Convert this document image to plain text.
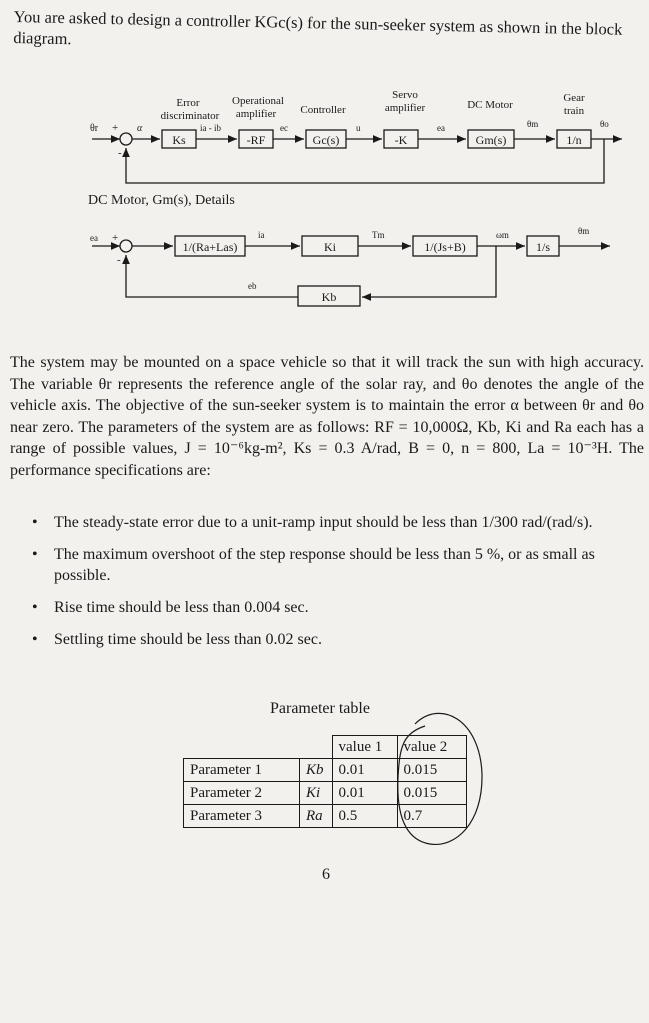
You are asked to design a controller KGc(s) for the sun-seeker system as shown in the block diagram.
Error
discriminator
Operational
amplifier Controller
Servo
amplifier	DC Motor
Gear
train
θr +
-
α
Ks
ia - ib
-RF
ec
Gc(s)
u
-K
ea
Gm(s)
θm
1/n
θo
ea +
-
1/(Ra+Las)
ia
Ki
Tm
1/(Js+B)
ωm
1/s
θm
Kb
eb
DC Motor, Gm(s), Details

The system may be mounted on a space vehicle so that it will track the sun with high accuracy. The variable θr represents the reference angle of the solar ray, and θo denotes the angle of the vehicle axis. The objective of the sun-seeker system is to maintain the error α between θr and θo near zero. The parameters of the system are as follows: RF = 10,000Ω, Kb, Ki and Ra each has a range of possible values, J = 10⁻⁶kg-m², Ks = 0.3 A/rad, B = 0, n = 800, La = 10⁻³H. The performance specifications are:

• The steady-state error due to a unit-ramp input should be less than 1/300 rad/(rad/s).
• The maximum overshoot of the step response should be less than 5 %, or as small as possible.
• Rise time should be less than 0.004 sec.
• Settling time should be less than 0.02 sec.
Parameter table
		value 1	value 2
Parameter 1	Kb	0.01	0.015
Parameter 2	Ki	0.01	0.015
Parameter 3	Ra	0.5	0.7
6
